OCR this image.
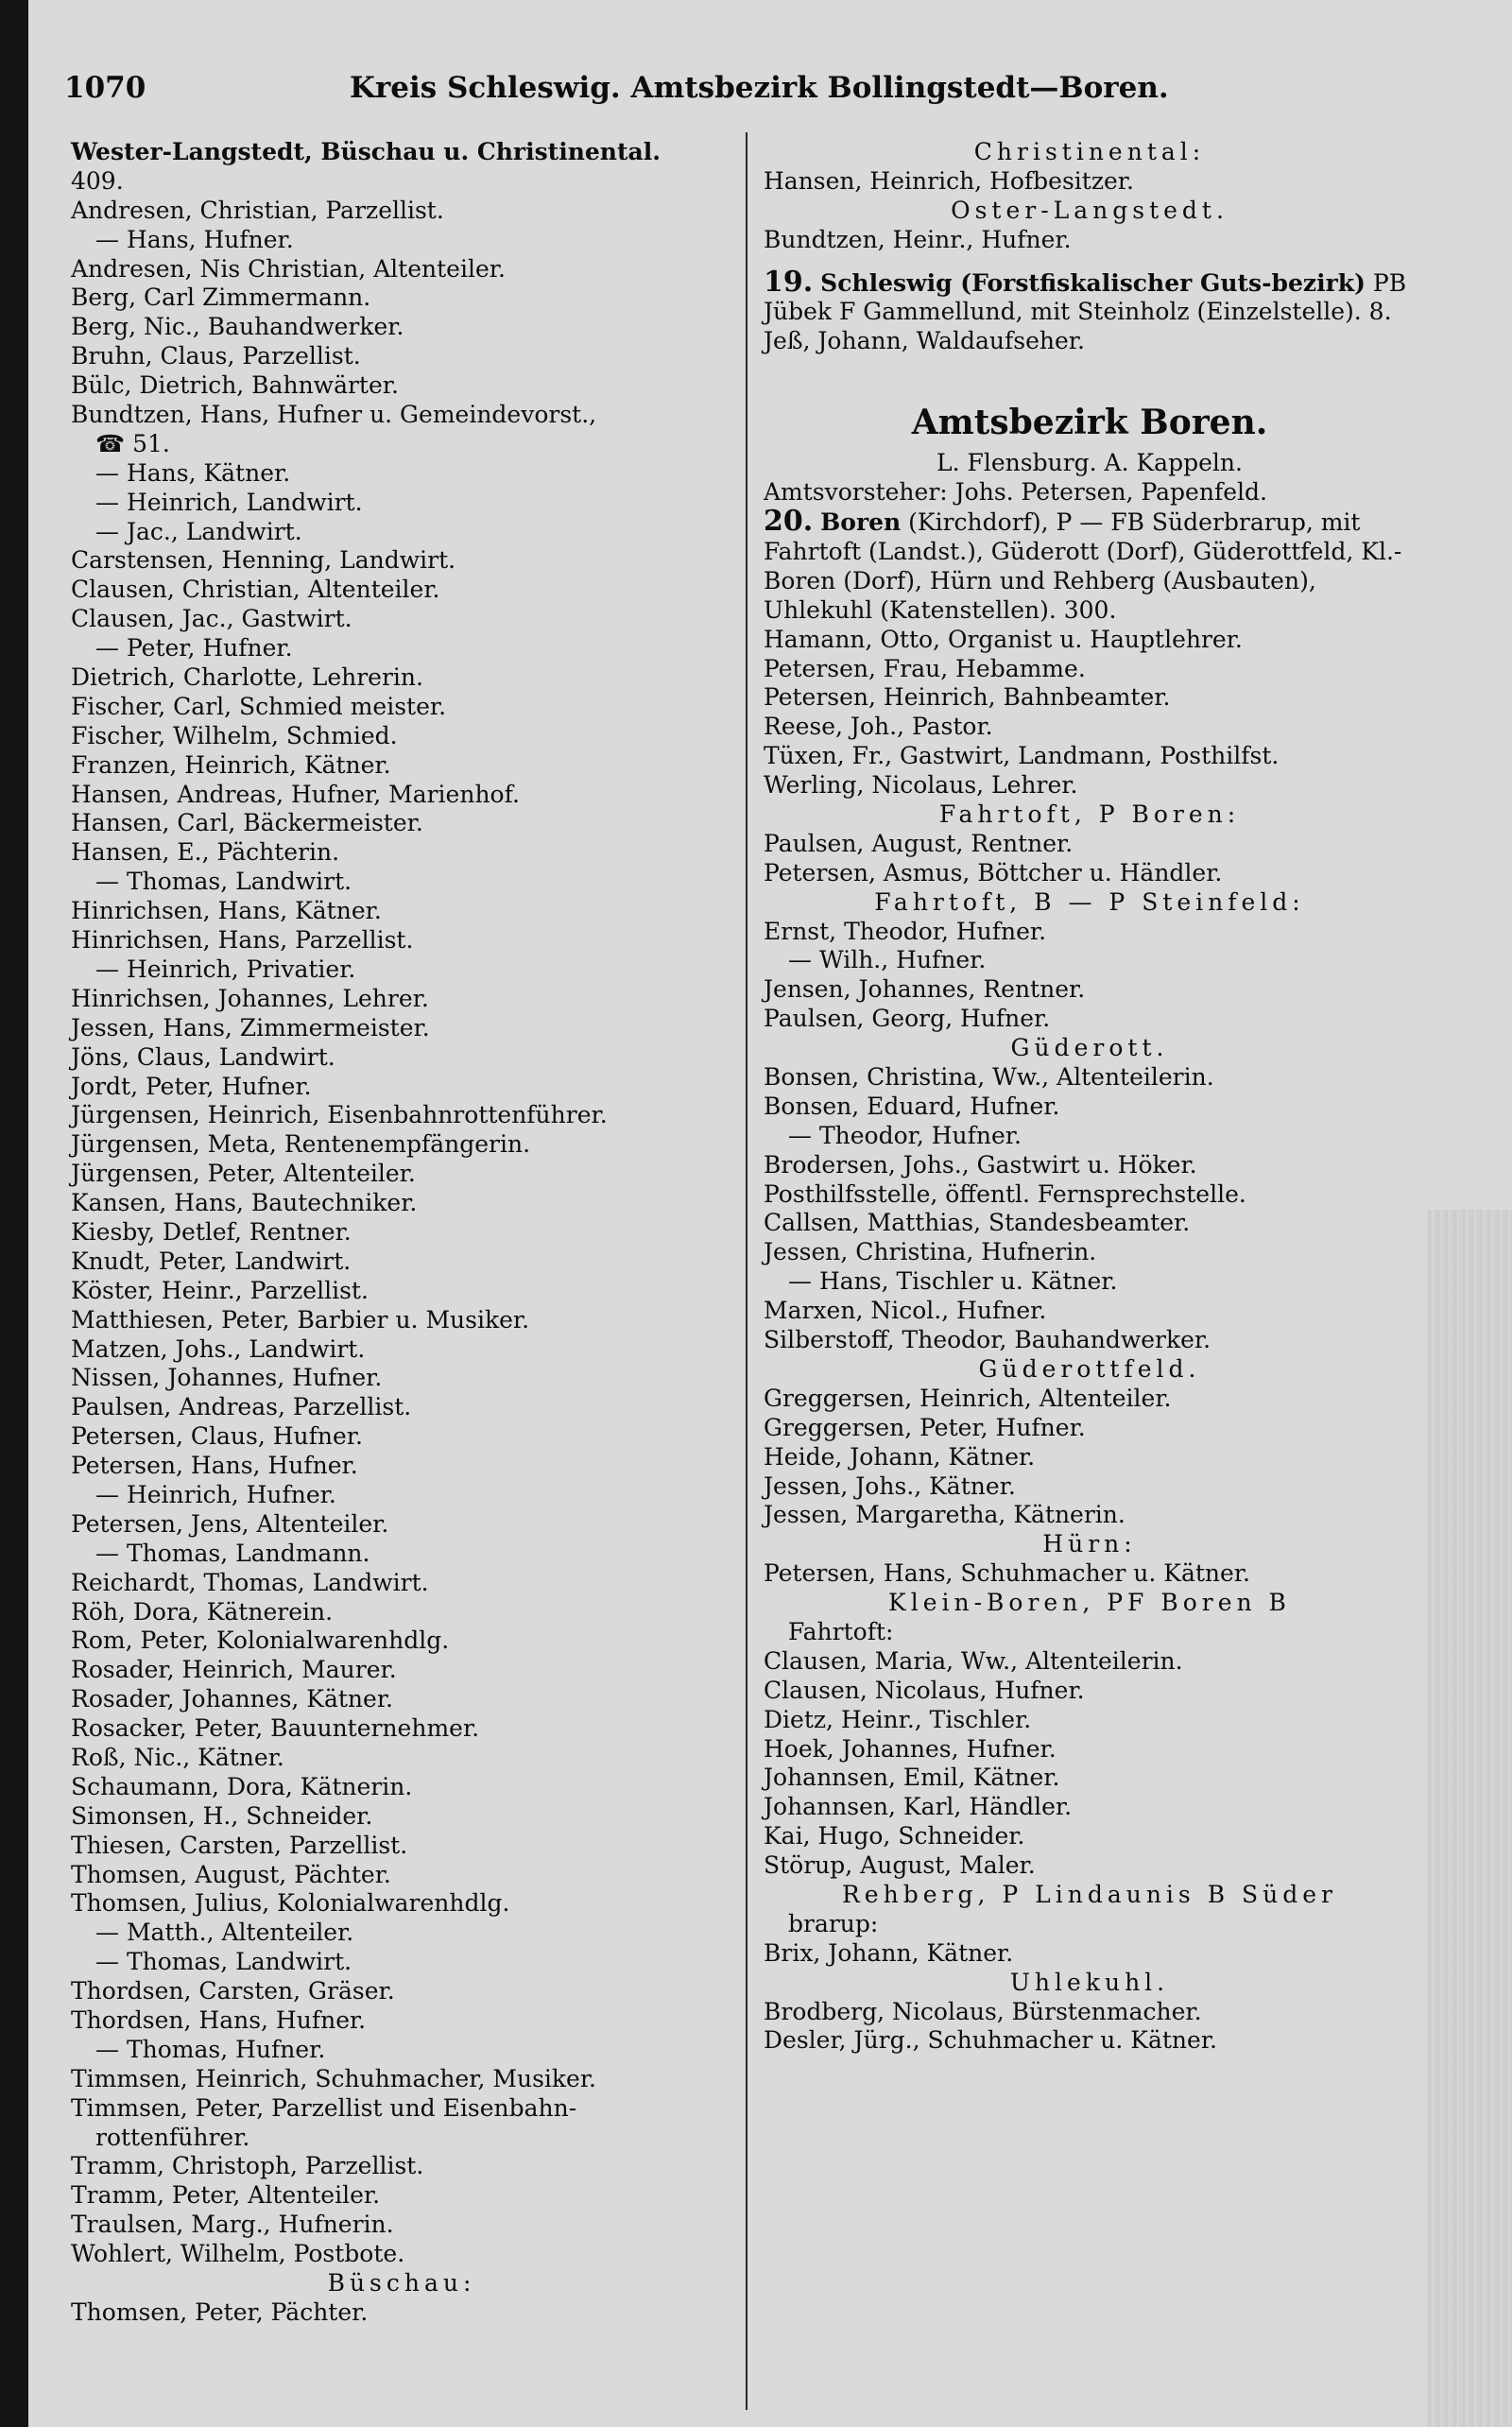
1070	Kreis Schleswig. Amtsbezirk Bollingstedt—Boren.
Wester-Langstedt, Büschau u. Christinental.
409.
Andresen, Christian, Parzellist.
— Hans, Hufner.
Andresen, Nis Christian, Altenteiler.
Berg, Carl Zimmermann.
Berg, Nic., Bauhandwerker.
Bruhn, Claus, Parzellist.
Bülc, Dietrich, Bahnwärter.
Bundtzen, Hans, Hufner u. Gemeindevorst.,
☎ 51.
— Hans, Kätner.
— Heinrich, Landwirt.
— Jac., Landwirt.
Carstensen, Henning, Landwirt.
Clausen, Christian, Altenteiler.
Clausen, Jac., Gastwirt.
— Peter, Hufner.
Dietrich, Charlotte, Lehrerin.
Fischer, Carl, Schmied meister.
Fischer, Wilhelm, Schmied.
Franzen, Heinrich, Kätner.
Hansen, Andreas, Hufner, Marienhof.
Hansen, Carl, Bäckermeister.
Hansen, E., Pächterin.
— Thomas, Landwirt.
Hinrichsen, Hans, Kätner.
Hinrichsen, Hans, Parzellist.
— Heinrich, Privatier.
Hinrichsen, Johannes, Lehrer.
Jessen, Hans, Zimmermeister.
Jöns, Claus, Landwirt.
Jordt, Peter, Hufner.
Jürgensen, Heinrich, Eisenbahnrottenführer.
Jürgensen, Meta, Rentenempfängerin.
Jürgensen, Peter, Altenteiler.
Kansen, Hans, Bautechniker.
Kiesby, Detlef, Rentner.
Knudt, Peter, Landwirt.
Köster, Heinr., Parzellist.
Matthiesen, Peter, Barbier u. Musiker.
Matzen, Johs., Landwirt.
Nissen, Johannes, Hufner.
Paulsen, Andreas, Parzellist.
Petersen, Claus, Hufner.
Petersen, Hans, Hufner.
— Heinrich, Hufner.
Petersen, Jens, Altenteiler.
— Thomas, Landmann.
Reichardt, Thomas, Landwirt.
Röh, Dora, Kätnerein.
Rom, Peter, Kolonialwarenhdlg.
Rosader, Heinrich, Maurer.
Rosader, Johannes, Kätner.
Rosacker, Peter, Bauunternehmer.
Roß, Nic., Kätner.
Schaumann, Dora, Kätnerin.
Simonsen, H., Schneider.
Thiesen, Carsten, Parzellist.
Thomsen, August, Pächter.
Thomsen, Julius, Kolonialwarenhdlg.
— Matth., Altenteiler.
— Thomas, Landwirt.
Thordsen, Carsten, Gräser.
Thordsen, Hans, Hufner.
— Thomas, Hufner.
Timmsen, Heinrich, Schuhmacher, Musiker.
Timmsen, Peter, Parzellist und Eisenbahn-
rottenführer.
Tramm, Christoph, Parzellist.
Tramm, Peter, Altenteiler.
Traulsen, Marg., Hufnerin.
Wohlert, Wilhelm, Postbote.
Büschau:
Thomsen, Peter, Pächter.
Christinental:
Hansen, Heinrich, Hofbesitzer.
Oster-Langstedt.
Bundtzen, Heinr., Hufner.
19. Schleswig (Forstfiskalischer Guts-bezirk) PB Jübek F Gammellund, mit Steinholz (Einzelstelle). 8.
Jeß, Johann, Waldaufseher.
Amtsbezirk Boren.
L. Flensburg. A. Kappeln.
Amtsvorsteher: Johs. Petersen, Papenfeld.
20. Boren (Kirchdorf), P — FB Süderbrarup, mit Fahrtoft (Landst.), Güderott (Dorf), Güderottfeld, Kl.-Boren (Dorf), Hürn und Rehberg (Ausbauten), Uhlekuhl (Katenstellen). 300.
Hamann, Otto, Organist u. Hauptlehrer.
Petersen, Frau, Hebamme.
Petersen, Heinrich, Bahnbeamter.
Reese, Joh., Pastor.
Tüxen, Fr., Gastwirt, Landmann, Posthilfst.
Werling, Nicolaus, Lehrer.
Fahrtoft, P Boren:
Paulsen, August, Rentner.
Petersen, Asmus, Böttcher u. Händler.
Fahrtoft, B — P Steinfeld:
Ernst, Theodor, Hufner.
— Wilh., Hufner.
Jensen, Johannes, Rentner.
Paulsen, Georg, Hufner.
Güderott.
Bonsen, Christina, Ww., Altenteilerin.
Bonsen, Eduard, Hufner.
— Theodor, Hufner.
Brodersen, Johs., Gastwirt u. Höker.
Posthilfsstelle, öffentl. Fernsprechstelle.
Callsen, Matthias, Standesbeamter.
Jessen, Christina, Hufnerin.
— Hans, Tischler u. Kätner.
Marxen, Nicol., Hufner.
Silberstoff, Theodor, Bauhandwerker.
Güderottfeld.
Greggersen, Heinrich, Altenteiler.
Greggersen, Peter, Hufner.
Heide, Johann, Kätner.
Jessen, Johs., Kätner.
Jessen, Margaretha, Kätnerin.
Hürn:
Petersen, Hans, Schuhmacher u. Kätner.
Klein-Boren, PF Boren B
Fahrtoft:
Clausen, Maria, Ww., Altenteilerin.
Clausen, Nicolaus, Hufner.
Dietz, Heinr., Tischler.
Hoek, Johannes, Hufner.
Johannsen, Emil, Kätner.
Johannsen, Karl, Händler.
Kai, Hugo, Schneider.
Störup, August, Maler.
Rehberg, P Lindaunis B Süder
brarup:
Brix, Johann, Kätner.
Uhlekuhl.
Brodberg, Nicolaus, Bürstenmacher.
Desler, Jürg., Schuhmacher u. Kätner.
